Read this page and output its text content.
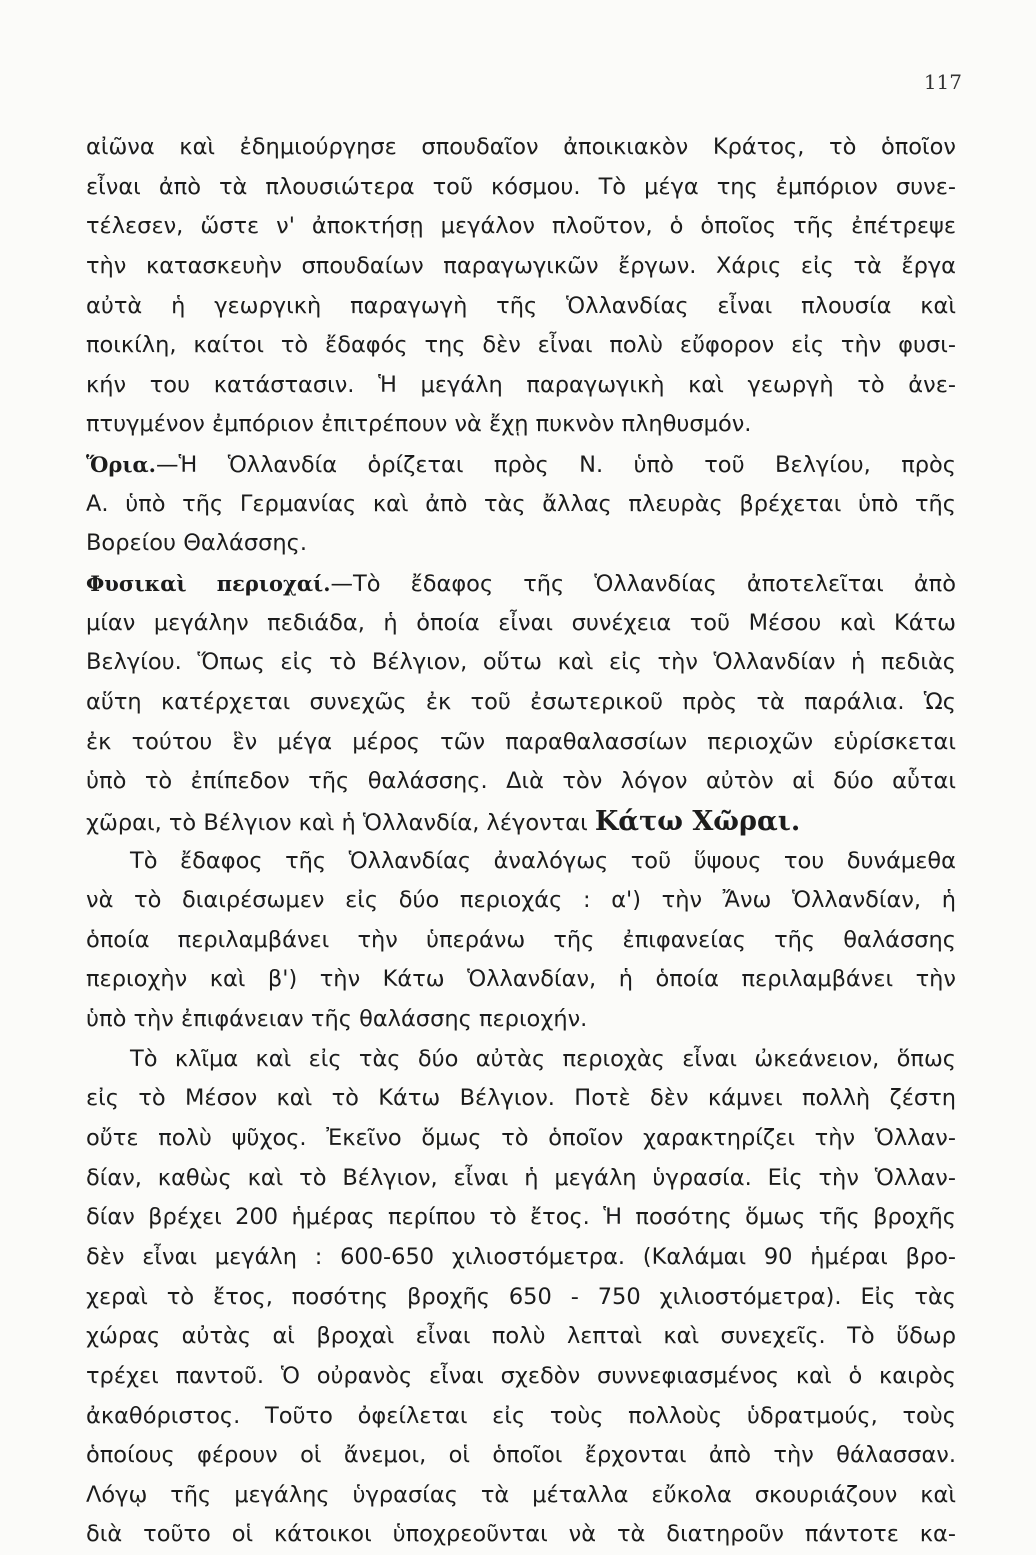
117
αἰῶνα καὶ ἐδημιούργησε σπουδαῖον ἀποικιακὸν Κράτος, τὸ ὁποῖον
εἶναι ἀπὸ τὰ πλουσιώτερα τοῦ κόσμου. Τὸ μέγα της ἐμπόριον συνε-
τέλεσεν, ὥστε ν' ἀποκτήσῃ μεγάλον πλοῦτον, ὁ ὁποῖος τῆς ἐπέτρεψε
τὴν κατασκευὴν σπουδαίων παραγωγικῶν ἔργων. Χάρις εἰς τὰ ἔργα
αὐτὰ ἡ γεωργικὴ παραγωγὴ τῆς Ὁλλανδίας εἶναι πλουσία καὶ
ποικίλη, καίτοι τὸ ἔδαφός της δὲν εἶναι πολὺ εὔφορον εἰς τὴν φυσι-
κήν του κατάστασιν. Ἡ μεγάλη παραγωγικὴ καὶ γεωργὴ τὸ ἀνε-
πτυγμένον ἐμπόριον ἐπιτρέπουν νὰ ἔχῃ πυκνὸν πληθυσμόν.
Ὅρια.—Ἡ Ὁλλανδία ὁρίζεται πρὸς Ν. ὑπὸ τοῦ Βελγίου, πρὸς
Α. ὑπὸ τῆς Γερμανίας καὶ ἀπὸ τὰς ἄλλας πλευρὰς βρέχεται ὑπὸ τῆς
Βορείου Θαλάσσης.
Φυσικαὶ περιοχαί.—Τὸ ἔδαφος τῆς Ὁλλανδίας ἀποτελεῖται ἀπὸ
μίαν μεγάλην πεδιάδα, ἡ ὁποία εἶναι συνέχεια τοῦ Μέσου καὶ Κάτω
Βελγίου. Ὅπως εἰς τὸ Βέλγιον, οὕτω καὶ εἰς τὴν Ὁλλανδίαν ἡ πεδιὰς
αὕτη κατέρχεται συνεχῶς ἐκ τοῦ ἐσωτερικοῦ πρὸς τὰ παράλια. Ὡς
ἐκ τούτου ἓν μέγα μέρος τῶν παραθαλασσίων περιοχῶν εὑρίσκεται
ὑπὸ τὸ ἐπίπεδον τῆς θαλάσσης. Διὰ τὸν λόγον αὐτὸν αἱ δύο αὗται
χῶραι, τὸ Βέλγιον καὶ ἡ Ὁλλανδία, λέγονται Κάτω Χῶραι.
Τὸ ἔδαφος τῆς Ὁλλανδίας ἀναλόγως τοῦ ὕψους του δυνάμεθα
νὰ τὸ διαιρέσωμεν εἰς δύο περιοχάς : α') τὴν Ἄνω Ὁλλανδίαν, ἡ
ὁποία περιλαμβάνει τὴν ὑπεράνω τῆς ἐπιφανείας τῆς θαλάσσης
περιοχὴν καὶ β') τὴν Κάτω Ὁλλανδίαν, ἡ ὁποία περιλαμβάνει τὴν
ὑπὸ τὴν ἐπιφάνειαν τῆς θαλάσσης περιοχήν.
Τὸ κλῖμα καὶ εἰς τὰς δύο αὐτὰς περιοχὰς εἶναι ὠκεάνειον, ὅπως
εἰς τὸ Μέσον καὶ τὸ Κάτω Βέλγιον. Ποτὲ δὲν κάμνει πολλὴ ζέστη
οὔτε πολὺ ψῦχος. Ἐκεῖνο ὅμως τὸ ὁποῖον χαρακτηρίζει τὴν Ὁλλαν-
δίαν, καθὼς καὶ τὸ Βέλγιον, εἶναι ἡ μεγάλη ὑγρασία. Εἰς τὴν Ὁλλαν-
δίαν βρέχει 200 ἡμέρας περίπου τὸ ἔτος. Ἡ ποσότης ὅμως τῆς βροχῆς
δὲν εἶναι μεγάλη : 600-650 χιλιοστόμετρα. (Καλάμαι 90 ἡμέραι βρο-
χεραὶ τὸ ἔτος, ποσότης βροχῆς 650 - 750 χιλιοστόμετρα). Εἰς τὰς
χώρας αὐτὰς αἱ βροχαὶ εἶναι πολὺ λεπταὶ καὶ συνεχεῖς. Τὸ ὕδωρ
τρέχει παντοῦ. Ὁ οὐρανὸς εἶναι σχεδὸν συννεφιασμένος καὶ ὁ καιρὸς
ἀκαθόριστος. Τοῦτο ὀφείλεται εἰς τοὺς πολλοὺς ὑδρατμούς, τοὺς
ὁποίους φέρουν οἱ ἄνεμοι, οἱ ὁποῖοι ἔρχονται ἀπὸ τὴν θάλασσαν.
Λόγῳ τῆς μεγάλης ὑγρασίας τὰ μέταλλα εὔκολα σκουριάζουν καὶ
διὰ τοῦτο οἱ κάτοικοι ὑποχρεοῦνται νὰ τὰ διατηροῦν πάντοτε κα-
